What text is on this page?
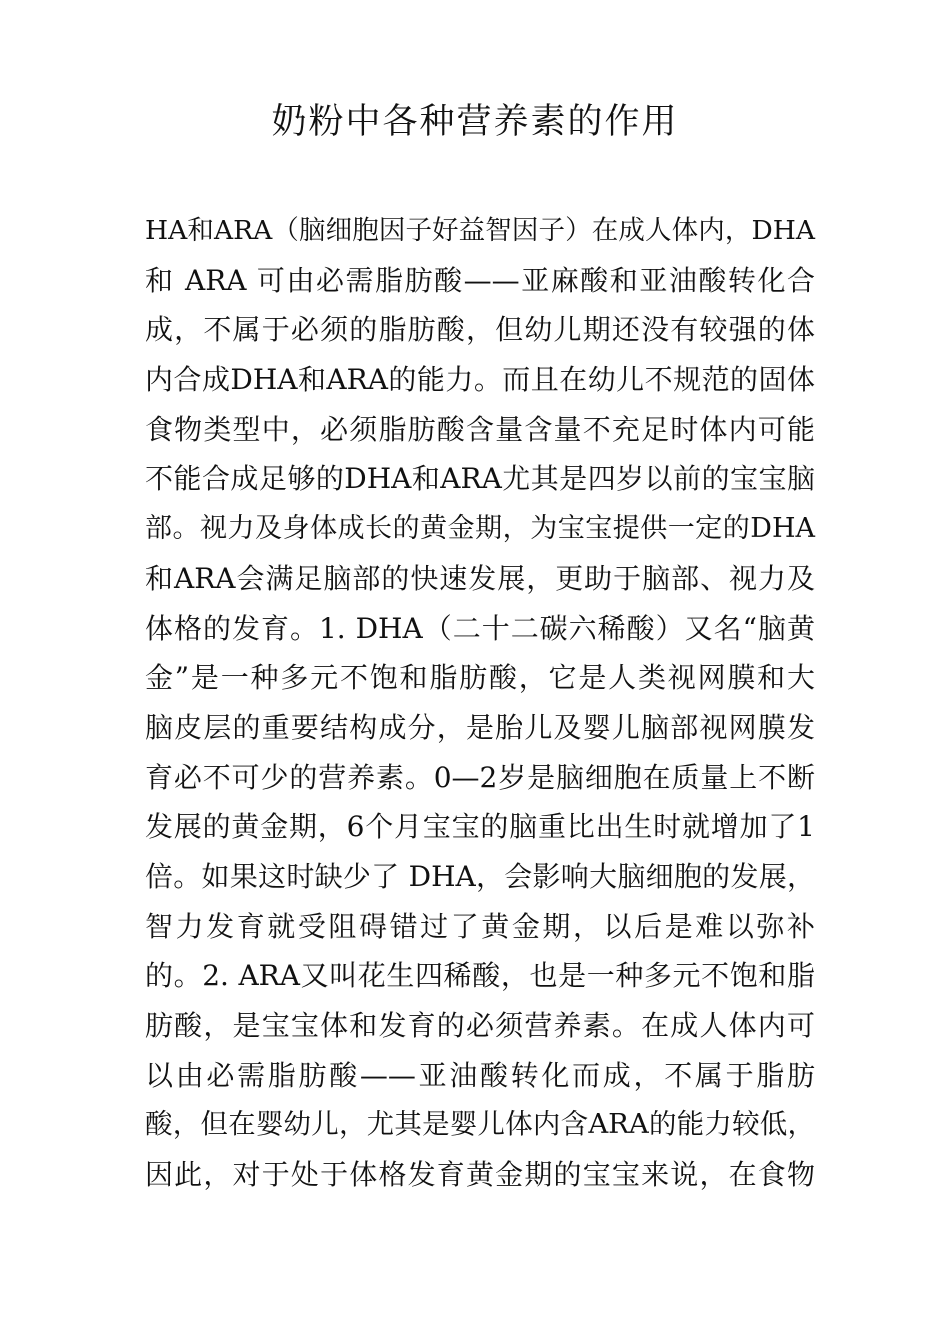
奶粉中各种营养素的作用
HA和ARA（脑细胞因子好益智因子）在成人体内，DHA
和 ARA 可由必需脂肪酸——亚麻酸和亚油酸转化合
成，不属于必须的脂肪酸，但幼儿期还没有较强的体
内合成DHA和ARA的能力。而且在幼儿不规范的固体
食物类型中，必须脂肪酸含量含量不充足时体内可能
不能合成足够的DHA和ARA尤其是四岁以前的宝宝脑
部。视力及身体成长的黄金期，为宝宝提供一定的DHA
和ARA会满足脑部的快速发展，更助于脑部、视力及
体格的发育。1. DHA（二十二碳六稀酸）又名“脑黄
金”是一种多元不饱和脂肪酸，它是人类视网膜和大
脑皮层的重要结构成分，是胎儿及婴儿脑部视网膜发
育必不可少的营养素。0—2岁是脑细胞在质量上不断
发展的黄金期，6个月宝宝的脑重比出生时就增加了1
倍。如果这时缺少了 DHA，会影响大脑细胞的发展，
智力发育就受阻碍错过了黄金期，以后是难以弥补
的。2. ARA又叫花生四稀酸，也是一种多元不饱和脂
肪酸，是宝宝体和发育的必须营养素。在成人体内可
以由必需脂肪酸——亚油酸转化而成，不属于脂肪
酸，但在婴幼儿，尤其是婴儿体内含ARA的能力较低，
因此，对于处于体格发育黄金期的宝宝来说，在食物
